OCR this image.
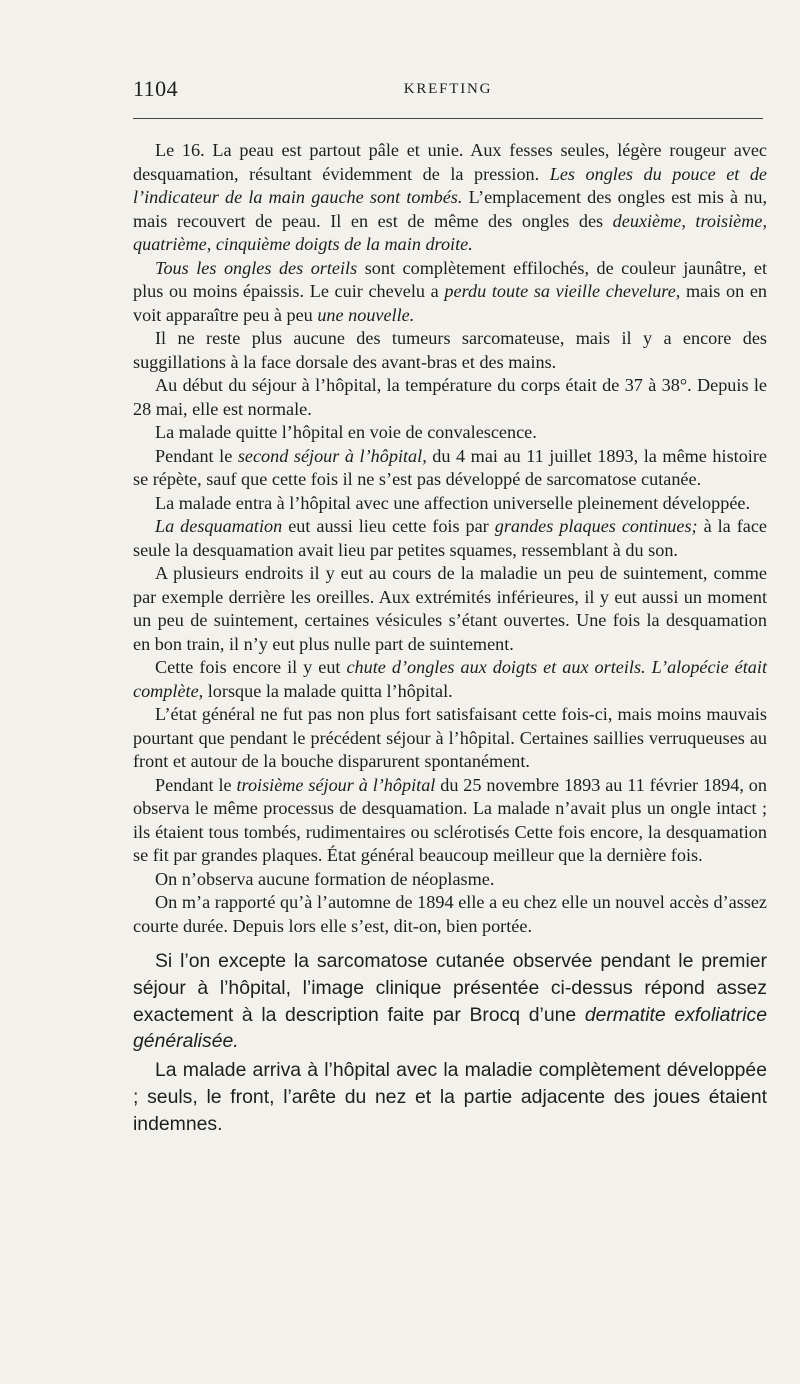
1104	KREFTING

Le 16. La peau est partout pâle et unie. Aux fesses seules, légère rougeur avec desquamation, résultant évidemment de la pression. Les ongles du pouce et de l’indicateur de la main gauche sont tombés. L’emplacement des ongles est mis à nu, mais recouvert de peau. Il en est de même des ongles des deuxième, troisième, quatrième, cinquième doigts de la main droite.

Tous les ongles des orteils sont complètement effilochés, de couleur jaunâtre, et plus ou moins épaissis. Le cuir chevelu a perdu toute sa vieille chevelure, mais on en voit apparaître peu à peu une nouvelle.

Il ne reste plus aucune des tumeurs sarcomateuse, mais il y a encore des suggillations à la face dorsale des avant-bras et des mains.

Au début du séjour à l’hôpital, la température du corps était de 37 à 38°. Depuis le 28 mai, elle est normale.

La malade quitte l’hôpital en voie de convalescence.

Pendant le second séjour à l’hôpital, du 4 mai au 11 juillet 1893, la même histoire se répète, sauf que cette fois il ne s’est pas développé de sarcomatose cutanée.

La malade entra à l’hôpital avec une affection universelle pleinement développée.

La desquamation eut aussi lieu cette fois par grandes plaques continues; à la face seule la desquamation avait lieu par petites squames, ressemblant à du son.

A plusieurs endroits il y eut au cours de la maladie un peu de suintement, comme par exemple derrière les oreilles. Aux extrémités inférieures, il y eut aussi un moment un peu de suintement, certaines vésicules s’étant ouvertes. Une fois la desquamation en bon train, il n’y eut plus nulle part de suintement.

Cette fois encore il y eut chute d’ongles aux doigts et aux orteils. L’alopécie était complète, lorsque la malade quitta l’hôpital.

L’état général ne fut pas non plus fort satisfaisant cette fois-ci, mais moins mauvais pourtant que pendant le précédent séjour à l’hôpital. Certaines saillies verruqueuses au front et autour de la bouche disparurent spontanément.

Pendant le troisième séjour à l’hôpital du 25 novembre 1893 au 11 février 1894, on observa le même processus de desquamation. La malade n’avait plus un ongle intact ; ils étaient tous tombés, rudimentaires ou sclérotisés Cette fois encore, la desquamation se fit par grandes plaques. État général beaucoup meilleur que la dernière fois.

On n’observa aucune formation de néoplasme.

On m’a rapporté qu’à l’automne de 1894 elle a eu chez elle un nouvel accès d’assez courte durée. Depuis lors elle s’est, dit-on, bien portée.

Si l’on excepte la sarcomatose cutanée observée pendant le premier séjour à l’hôpital, l’image clinique présentée ci-dessus répond assez exactement à la description faite par Brocq d’une dermatite exfoliatrice généralisée.

La malade arriva à l’hôpital avec la maladie complètement développée ; seuls, le front, l’arête du nez et la partie adjacente des joues étaient indemnes.
